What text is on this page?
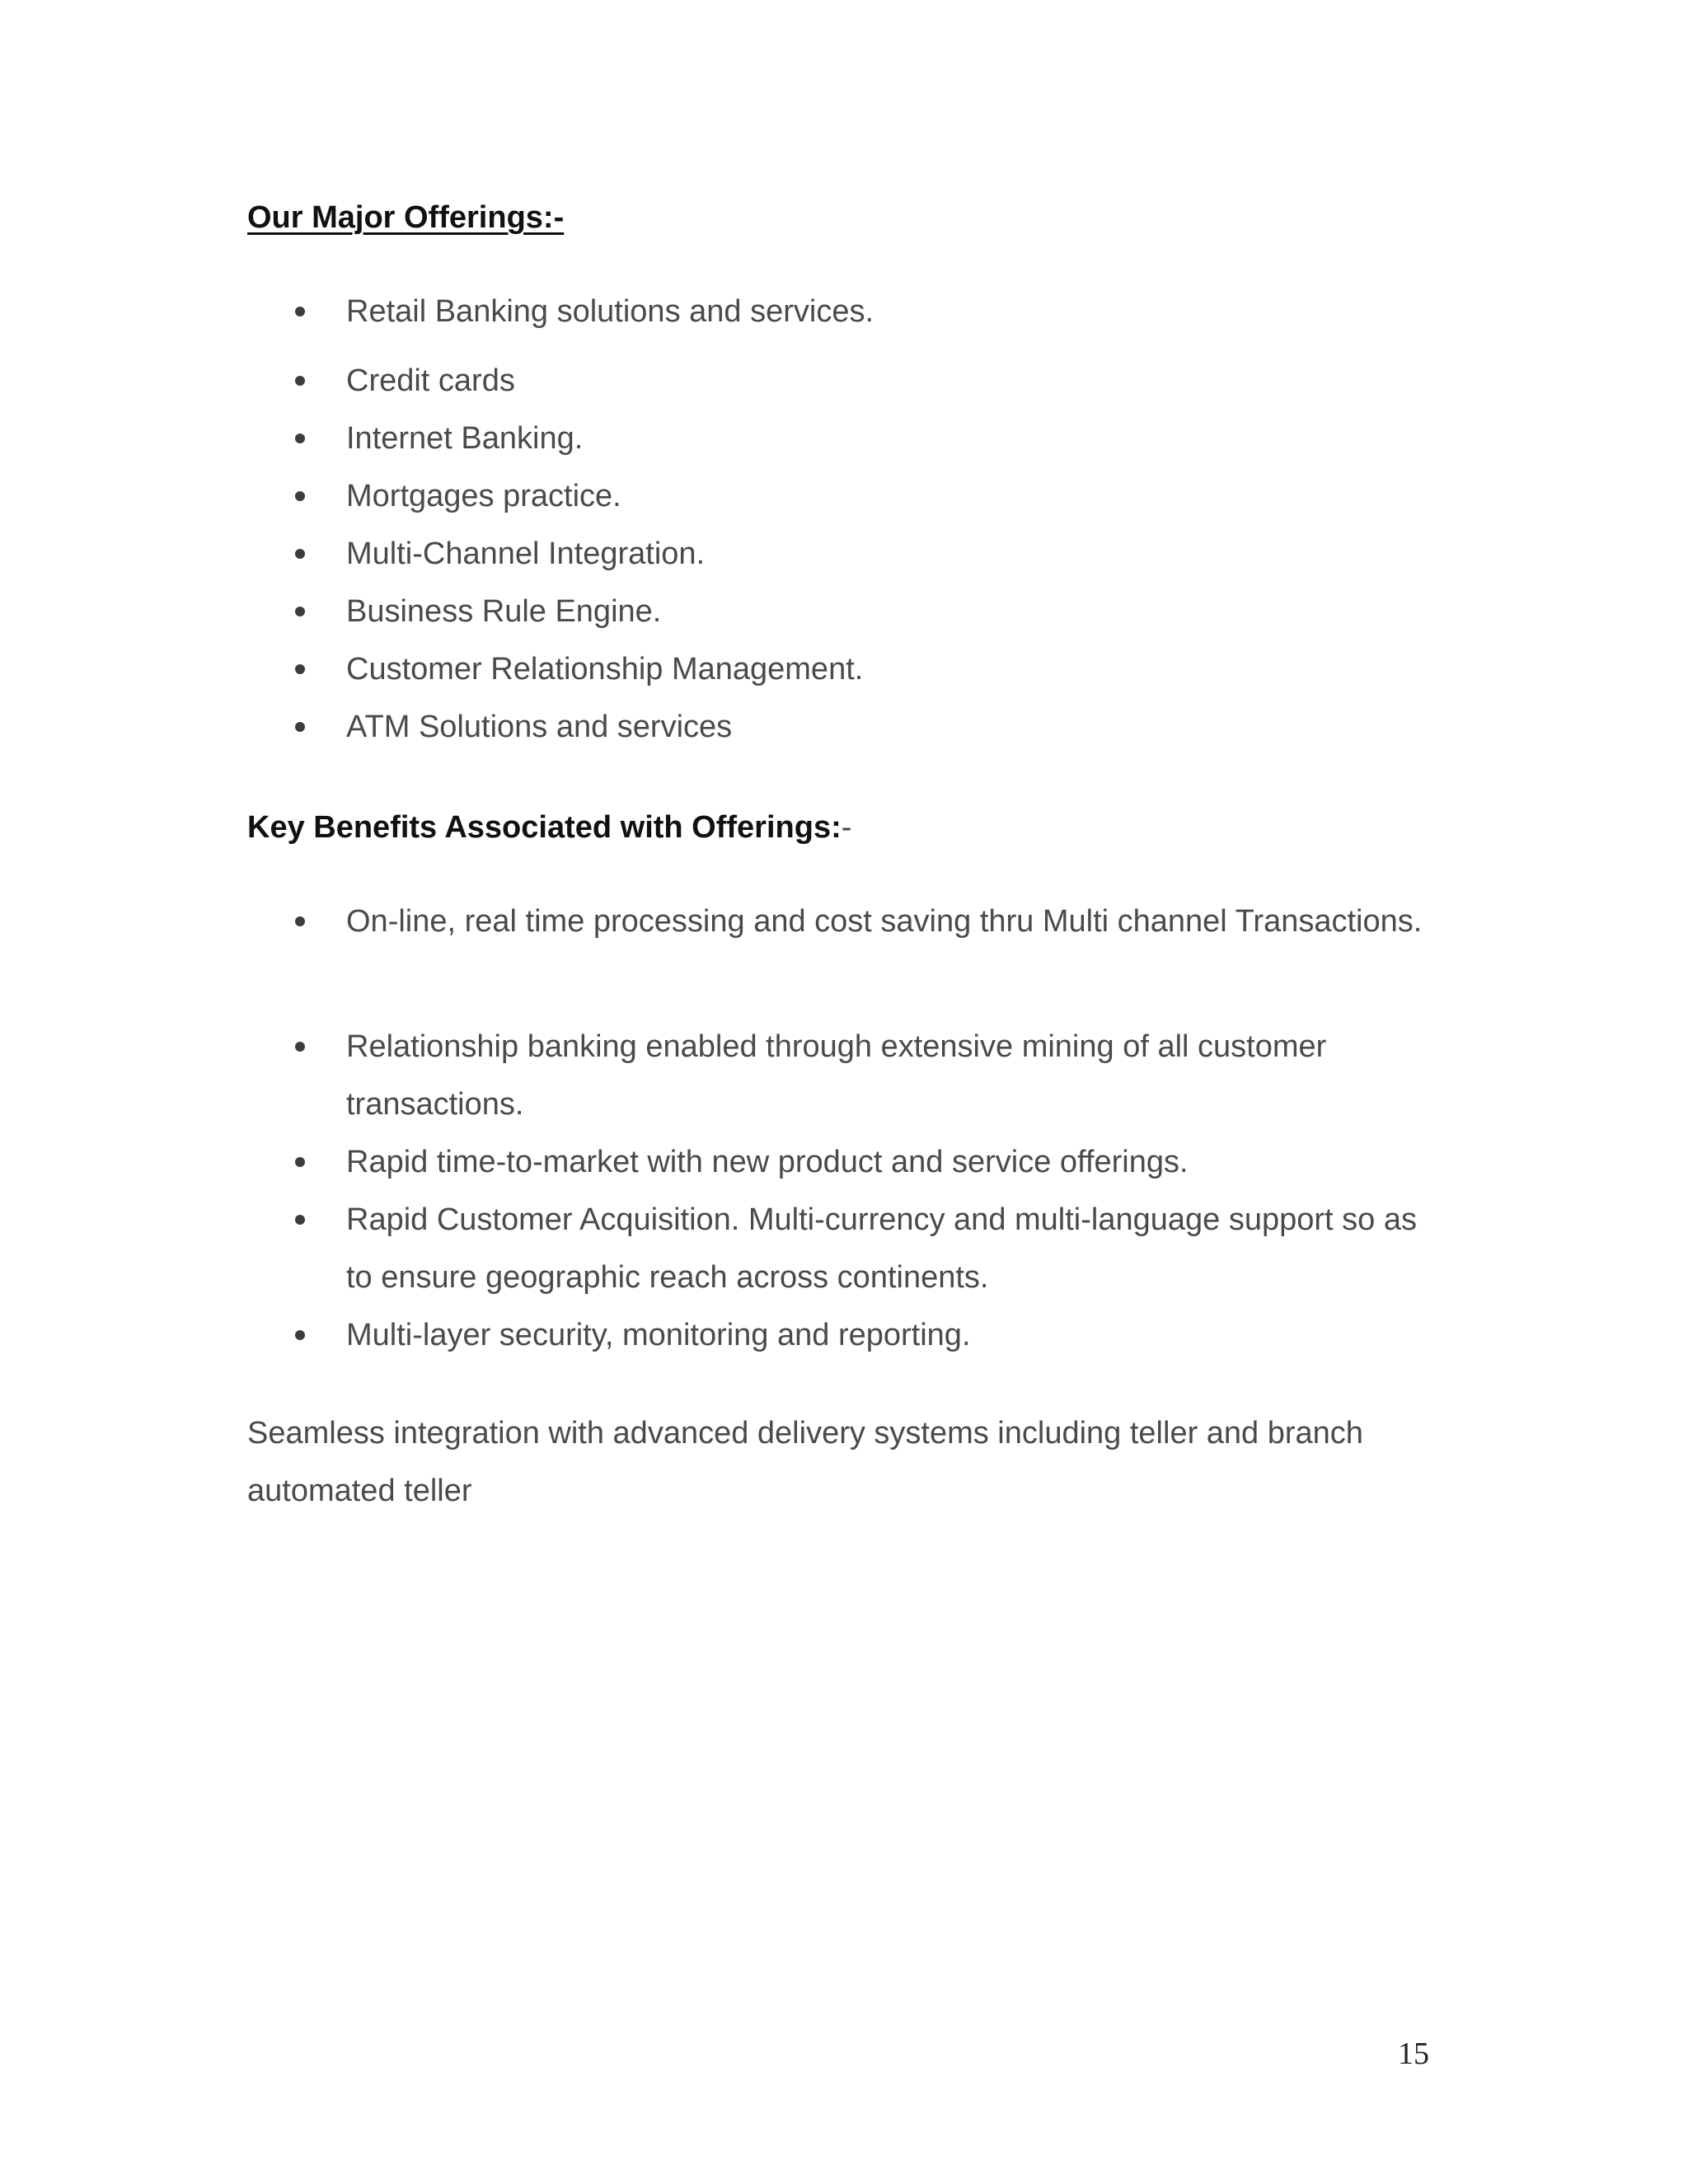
Our Major Offerings:-
Retail Banking solutions and services.
Credit cards
Internet Banking.
Mortgages practice.
Multi-Channel Integration.
Business Rule Engine.
Customer Relationship Management.
ATM Solutions and services
Key Benefits Associated with Offerings:-
On-line, real time processing and cost saving thru Multi channel Transactions.
Relationship banking enabled through extensive mining of all customer transactions.
Rapid time-to-market with new product and service offerings.
Rapid Customer Acquisition. Multi-currency and multi-language support so as to ensure geographic reach across continents.
Multi-layer security, monitoring and reporting.
Seamless integration with advanced delivery systems including teller and branch automated teller
15
